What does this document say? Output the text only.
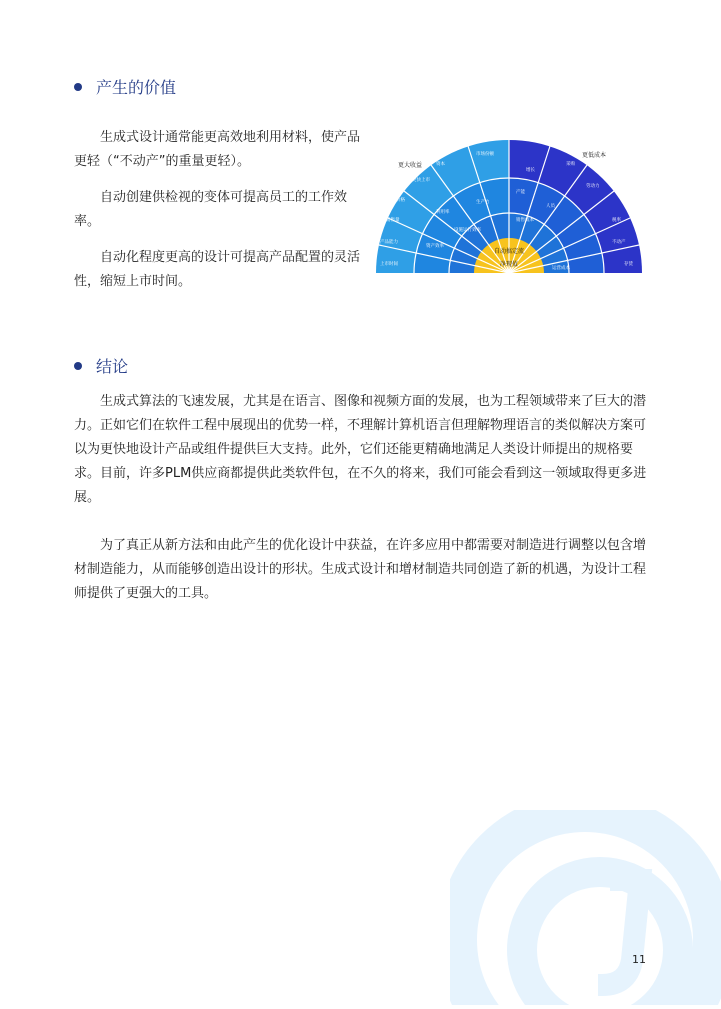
产生的价值

生成式设计通常能更高效地利用材料，使产品更轻（“不动产”的重量更轻）。

自动创建供检视的变体可提高员工的工作效率。

自动化程度更高的设计可提高产品配置的灵活性，缩短上市时间。

自动搞定流
净现值
更大收益
更低成本
上市时间
产品能力
销售量
价格
更快上市
资本
市场份额
设施运行效率
生产力
资产效率
利用率
产能
增长
人员
销售成本
运营成本
不动产
存货
税率
劳动力
采购
结论

生成式算法的飞速发展，尤其是在语言、图像和视频方面的发展，也为工程领域带来了巨大的潜力。正如它们在软件工程中展现出的优势一样，不理解计算机语言但理解物理语言的类似解决方案可以为更快地设计产品或组件提供巨大支持。此外，它们还能更精确地满足人类设计师提出的规格要求。目前，许多PLM供应商都提供此类软件包，在不久的将来，我们可能会看到这一领域取得更多进展。

为了真正从新方法和由此产生的优化设计中获益，在许多应用中都需要对制造进行调整以包含增材制造能力，从而能够创造出设计的形状。生成式设计和增材制造共同创造了新的机遇，为设计工程师提供了更强大的工具。

11
